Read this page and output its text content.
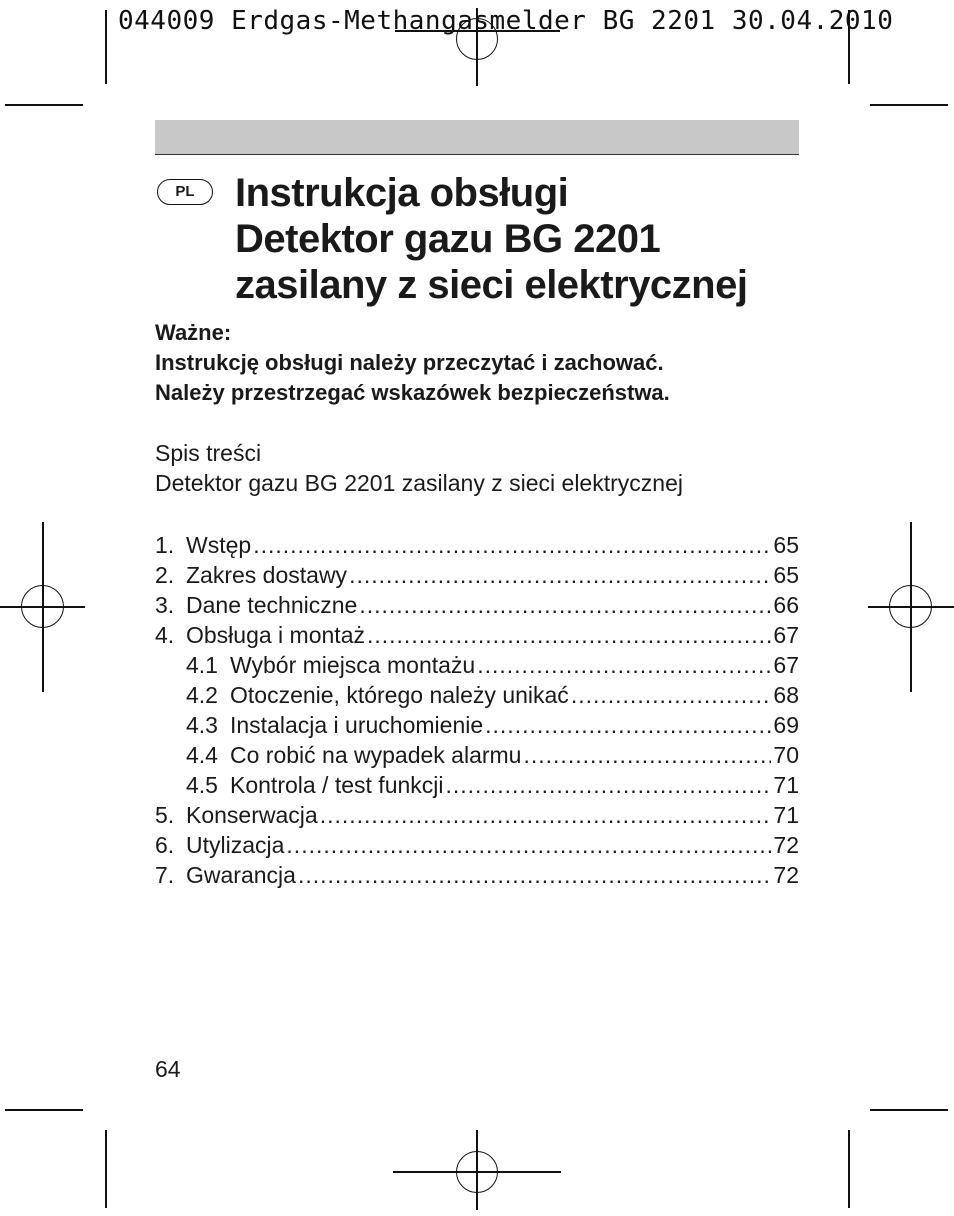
044009 Erdgas-Methangasmelder BG 2201 30.04.2010
PL	Instrukcja obsługi
Detektor gazu BG 2201
zasilany z sieci elektrycznej
Ważne:
Instrukcję obsługi należy przeczytać i zachować.
Należy przestrzegać wskazówek bezpieczeństwa.
Spis treści
Detektor gazu BG 2201 zasilany z sieci elektrycznej
1. Wstęp .....	65
2. Zakres dostawy .....	65
3. Dane techniczne .....	66
4. Obsługa i montaż .....	67
4.1 Wybór miejsca montażu .....	67
4.2 Otoczenie, którego należy unikać .....	68
4.3 Instalacja i uruchomienie .....	69
4.4 Co robić na wypadek alarmu .....	70
4.5 Kontrola / test funkcji .....	71
5. Konserwacja .....	71
6. Utylizacja .....	72
7. Gwarancja .....	72
64
